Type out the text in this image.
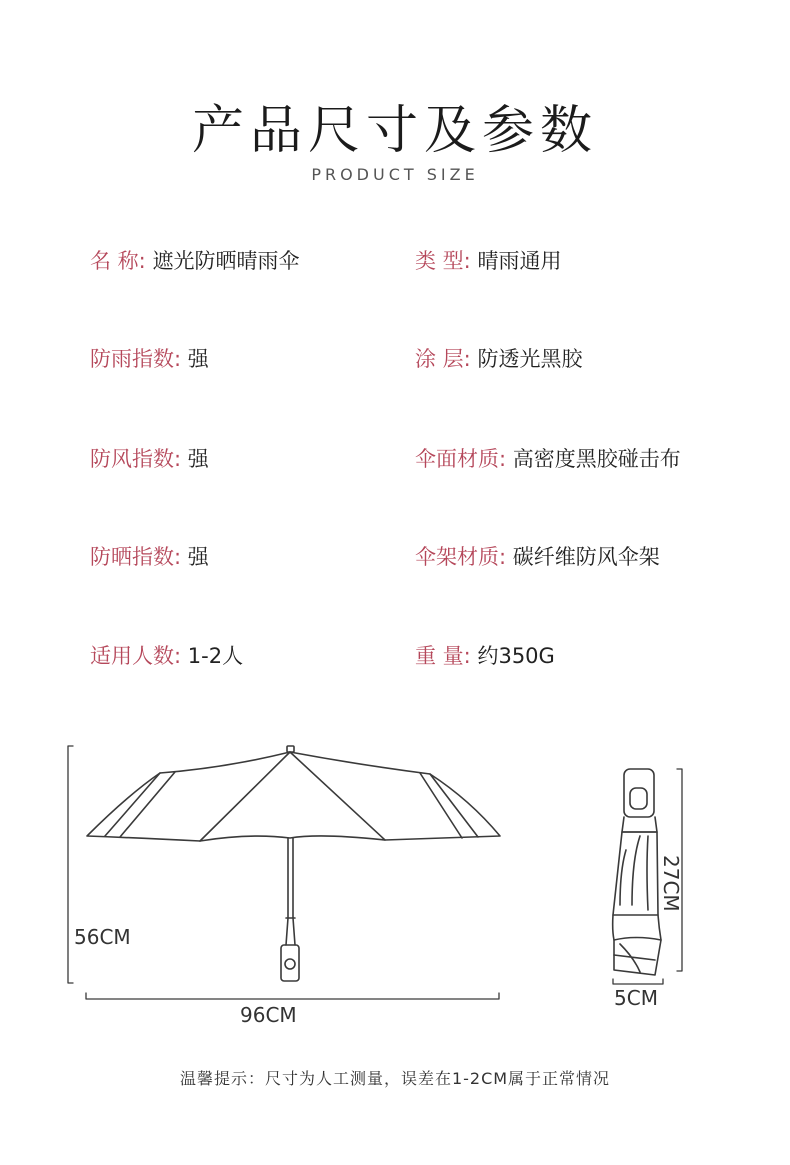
产品尺寸及参数
PRODUCT SIZE
名 称: 遮光防晒晴雨伞	类 型: 晴雨通用
防雨指数: 强	涂 层: 防透光黑胶
防风指数: 强	伞面材质: 高密度黑胶碰击布
防晒指数: 强	伞架材质: 碳纤维防风伞架
适用人数: 1-2人	重 量: 约350G
56CM
96CM
27CM
5CM
温馨提示：尺寸为人工测量，误差在1-2CM属于正常情况
